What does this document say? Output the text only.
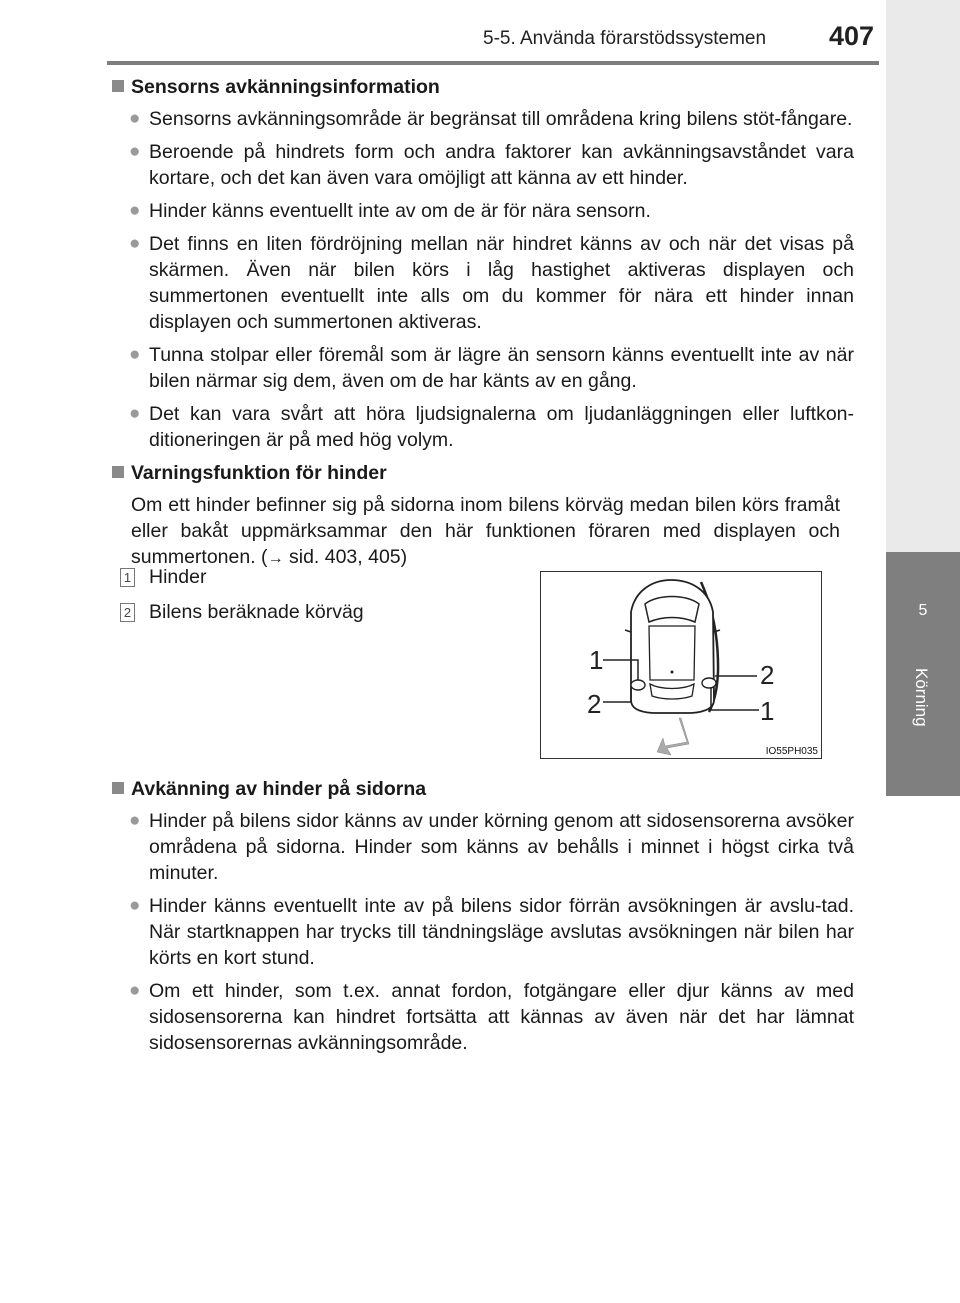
5-5. Använda förarstödssystemen 407
5
Körning
Sensorns avkänningsinformation
● Sensorns avkänningsområde är begränsat till områdena kring bilens stöt-fångare.
● Beroende på hindrets form och andra faktorer kan avkänningsavståndet vara kortare, och det kan även vara omöjligt att känna av ett hinder.
● Hinder känns eventuellt inte av om de är för nära sensorn.
● Det finns en liten fördröjning mellan när hindret känns av och när det visas på skärmen. Även när bilen körs i låg hastighet aktiveras displayen och summertonen eventuellt inte alls om du kommer för nära ett hinder innan displayen och summertonen aktiveras.
● Tunna stolpar eller föremål som är lägre än sensorn känns eventuellt inte av när bilen närmar sig dem, även om de har känts av en gång.
● Det kan vara svårt att höra ljudsignalerna om ljudanläggningen eller luftkon-ditioneringen är på med hög volym.
Varningsfunktion för hinder
Om ett hinder befinner sig på sidorna inom bilens körväg medan bilen körs framåt eller bakåt uppmärksammar den här funktionen föraren med displayen och summertonen. (→ sid. 403, 405)
1 Hinder
2 Bilens beräknade körväg
1	2
2	1
IO55PH035
Avkänning av hinder på sidorna
● Hinder på bilens sidor känns av under körning genom att sidosensorerna avsöker områdena på sidorna. Hinder som känns av behålls i minnet i högst cirka två minuter.
● Hinder känns eventuellt inte av på bilens sidor förrän avsökningen är avslu-tad. När startknappen har trycks till tändningsläge avslutas avsökningen när bilen har körts en kort stund.
● Om ett hinder, som t.ex. annat fordon, fotgängare eller djur känns av med sidosensorerna kan hindret fortsätta att kännas av även när det har lämnat sidosensorernas avkänningsområde.
